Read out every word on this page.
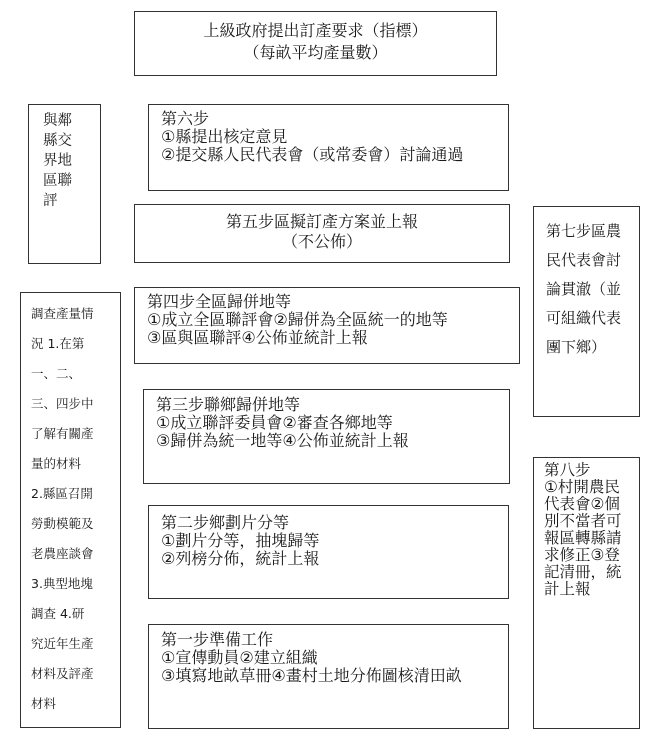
上級政府提出訂產要求（指標）
（每畝平均產量數）
與鄰
縣交
界地
區聯
評
第六步
①縣提出核定意見
②提交縣人民代表會（或常委會）討論通過
第五步區擬訂產方案並上報
（不公佈）
第七步區農
民代表會討
論貫澈（並
可組織代表
團下鄉）
調查產量情
況 1.在第
一、二、
三、四步中
了解有關產
量的材料
2.縣區召開
勞動模範及
老農座談會
3.典型地塊
調查 4.研
究近年生產
材料及評產
材料
第四步全區歸併地等
①成立全區聯評會②歸併為全區統一的地等
③區與區聯評④公佈並統計上報
第三步聯鄉歸併地等
①成立聯評委員會②審查各鄉地等
③歸併為統一地等④公佈並統計上報
第八步
①村開農民
代表會②個
別不當者可
報區轉縣請
求修正③登
記清冊，統
計上報
第二步鄉劃片分等
①劃片分等，抽塊歸等
②列榜分佈，統計上報
第一步準備工作
①宣傳動員②建立組織
③填寫地畝草冊④畫村土地分佈圖核清田畝
